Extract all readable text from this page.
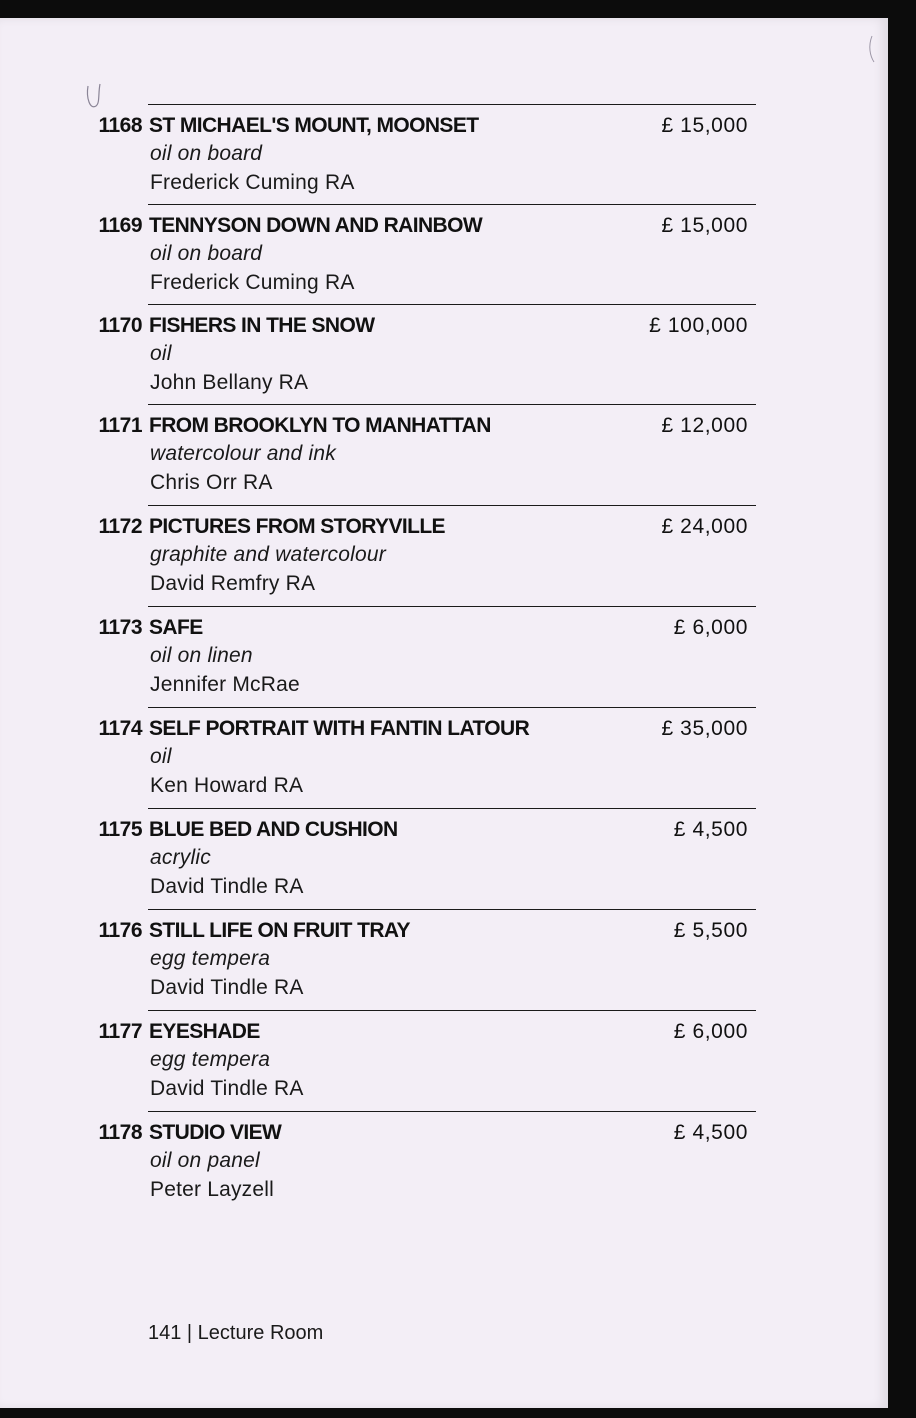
1168 ST MICHAEL'S MOUNT, MOONSET
oil on board
Frederick Cuming RA
£ 15,000
1169 TENNYSON DOWN AND RAINBOW
oil on board
Frederick Cuming RA
£ 15,000
1170 FISHERS IN THE SNOW
oil
John Bellany RA
£ 100,000
1171 FROM BROOKLYN TO MANHATTAN
watercolour and ink
Chris Orr RA
£ 12,000
1172 PICTURES FROM STORYVILLE
graphite and watercolour
David Remfry RA
£ 24,000
1173 SAFE
oil on linen
Jennifer McRae
£ 6,000
1174 SELF PORTRAIT WITH FANTIN LATOUR
oil
Ken Howard RA
£ 35,000
1175 BLUE BED AND CUSHION
acrylic
David Tindle RA
£ 4,500
1176 STILL LIFE ON FRUIT TRAY
egg tempera
David Tindle RA
£ 5,500
1177 EYESHADE
egg tempera
David Tindle RA
£ 6,000
1178 STUDIO VIEW
oil on panel
Peter Layzell
£ 4,500
141 | Lecture Room
